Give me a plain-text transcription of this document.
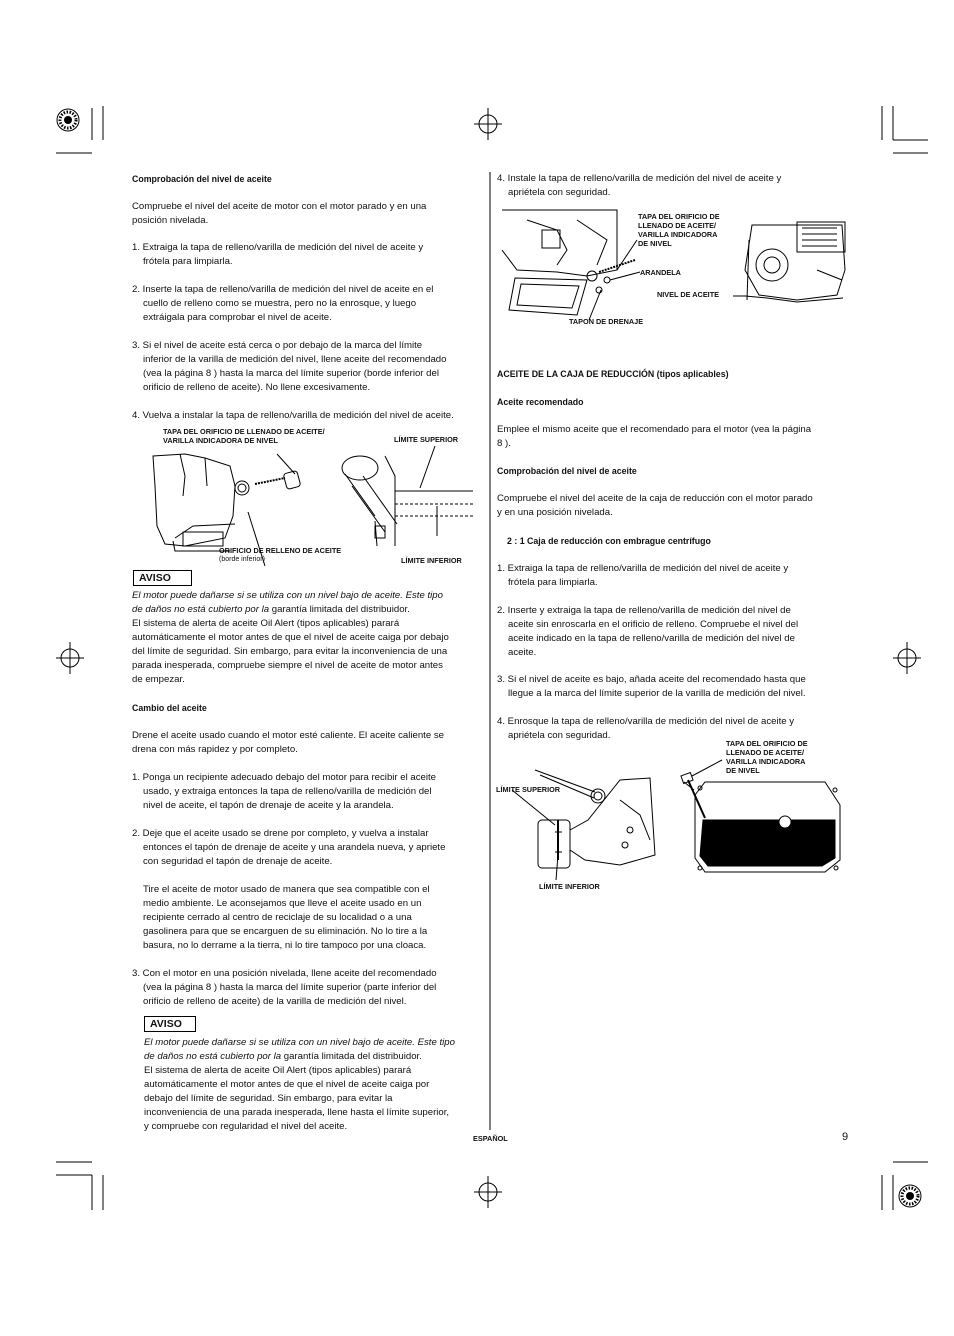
Comprobación del nivel de aceite
Compruebe el nivel del aceite de motor con el motor parado y en una
posición nivelada.
1. Extraiga la tapa de relleno/varilla de medición del nivel de aceite y
frótela para limpiarla.
2. Inserte la tapa de relleno/varilla de medición del nivel de aceite en el
cuello de relleno como se muestra, pero no la enrosque, y luego
extráigala para comprobar el nivel de aceite.
3. Si el nivel de aceite está cerca o por debajo de la marca del límite
inferior de la varilla de medición del nivel, llene aceite del recomendado
(vea la página 8 ) hasta la marca del límite superior (borde inferior del
orificio de relleno de aceite). No llene excesivamente.
4. Vuelva a instalar la tapa de relleno/varilla de medición del nivel de aceite.
TAPA DEL ORIFICIO DE LLENADO DE ACEITE/
VARILLA INDICADORA DE NIVEL	LÍMITE SUPERIOR
ORIFICIO DE RELLENO DE ACEITE
(borde inferior)	LÍMITE INFERIOR
AVISO
El motor puede dañarse si se utiliza con un nivel bajo de aceite. Este tipo
de daños no está cubierto por la garantía limitada del distribuidor.
El sistema de alerta de aceite Oil Alert (tipos aplicables) parará
automáticamente el motor antes de que el nivel de aceite caiga por debajo
del límite de seguridad. Sin embargo, para evitar la inconveniencia de una
parada inesperada, compruebe siempre el nivel de aceite de motor antes
de empezar.
Cambio del aceite
Drene el aceite usado cuando el motor esté caliente. El aceite caliente se
drena con más rapidez y por completo.
1. Ponga un recipiente adecuado debajo del motor para recibir el aceite
usado, y extraiga entonces la tapa de relleno/varilla de medición del
nivel de aceite, el tapón de drenaje de aceite y la arandela.
2. Deje que el aceite usado se drene por completo, y vuelva a instalar
entonces el tapón de drenaje de aceite y una arandela nueva, y apriete
con seguridad el tapón de drenaje de aceite.
Tire el aceite de motor usado de manera que sea compatible con el
medio ambiente. Le aconsejamos que lleve el aceite usado en un
recipiente cerrado al centro de reciclaje de su localidad o a una
gasolinera para que se encarguen de su eliminación. No lo tire a la
basura, no lo derrame a la tierra, ni lo tire tampoco por una cloaca.
3. Con el motor en una posición nivelada, llene aceite del recomendado
(vea la página 8 ) hasta la marca del límite superior (parte inferior del
orificio de relleno de aceite) de la varilla de medición del nivel.
AVISO
El motor puede dañarse si se utiliza con un nivel bajo de aceite. Este tipo
de daños no está cubierto por la garantía limitada del distribuidor.
El sistema de alerta de aceite Oil Alert (tipos aplicables) parará
automáticamente el motor antes de que el nivel de aceite caiga por
debajo del límite de seguridad. Sin embargo, para evitar la
inconveniencia de una parada inesperada, llene hasta el límite superior,
y compruebe con regularidad el nivel del aceite.
4. Instale la tapa de relleno/varilla de medición del nivel de aceite y
apriétela con seguridad.
TAPA DEL ORIFICIO DE
LLENADO DE ACEITE/
VARILLA INDICADORA
DE NIVEL
ARANDELA
NIVEL DE ACEITE
TAPON DE DRENAJE
ACEITE DE LA CAJA DE REDUCCIÓN (tipos aplicables)
Aceite recomendado
Emplee el mismo aceite que el recomendado para el motor (vea la página
8 ).
Comprobación del nivel de aceite
Compruebe el nivel del aceite de la caja de reducción con el motor parado
y en una posición nivelada.
2 : 1 Caja de reducción con embrague centrífugo
1. Extraiga la tapa de relleno/varilla de medición del nivel de aceite y
frótela para limpiarla.
2. Inserte y extraiga la tapa de relleno/varilla de medición del nivel de
aceite sin enroscarla en el orificio de relleno. Compruebe el nivel del
aceite indicado en la tapa de relleno/varilla de medición del nivel de
aceite.
3. Si el nivel de aceite es bajo, añada aceite del recomendado hasta que
llegue a la marca del límite superior de la varilla de medición del nivel.
4. Enrosque la tapa de relleno/varilla de medición del nivel de aceite y
apriétela con seguridad.
TAPA DEL ORIFICIO DE
LLENADO DE ACEITE/
VARILLA INDICADORA
DE NIVEL
LÍMITE SUPERIOR
LÍMITE INFERIOR
ESPAÑOL	9
